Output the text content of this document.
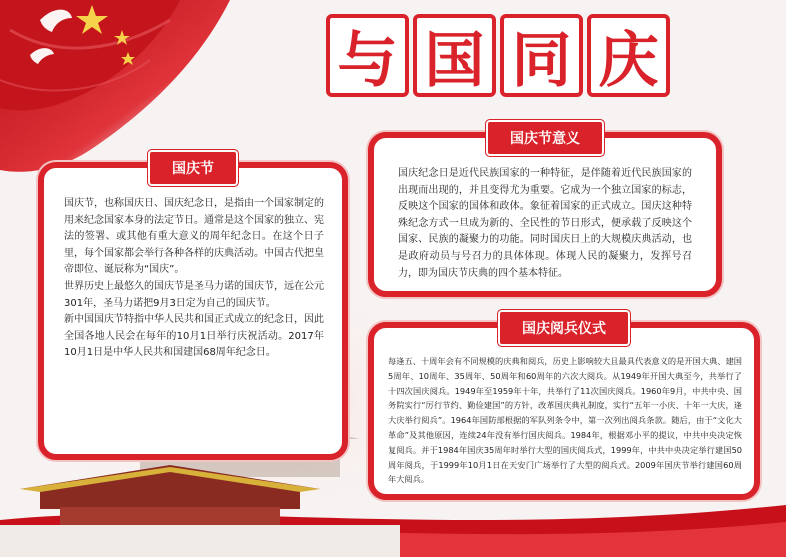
与 国 同 庆
国庆节

国庆节，也称国庆日、国庆纪念日，是指由一个国家制定的用来纪念国家本身的法定节日。通常是这个国家的独立、宪法的签署、或其他有重大意义的周年纪念日。在这个日子里，每个国家都会举行各种各样的庆典活动。中国古代把皇帝即位、诞辰称为“国庆”。

世界历史上最悠久的国庆节是圣马力诺的国庆节，远在公元301年，圣马力诺把9月3日定为自己的国庆节。

新中国国庆节特指中华人民共和国正式成立的纪念日，因此全国各地人民会在每年的10月1日举行庆祝活动。2017年10月1日是中华人民共和国建国68周年纪念日。

国庆节意义

国庆纪念日是近代民族国家的一种特征，是伴随着近代民族国家的出现而出现的，并且变得尤为重要。它成为一个独立国家的标志，反映这个国家的国体和政体。象征着国家的正式成立。国庆这种特殊纪念方式一旦成为新的、全民性的节日形式，便承载了反映这个国家、民族的凝聚力的功能。同时国庆日上的大规模庆典活动，也是政府动员与号召力的具体体现。体现人民的凝聚力，发挥号召力，即为国庆节庆典的四个基本特征。

国庆阅兵仪式

每逢五、十周年会有不同规模的庆典和阅兵，历史上影响较大且最具代表意义的是开国大典、建国5周年、10周年、35周年、50周年和60周年的六次大阅兵。从1949年开国大典至今，共举行了十四次国庆阅兵。1949年至1959年十年，共举行了11次国庆阅兵。1960年9月，中共中央、国务院实行“厉行节约、勤俭建国”的方针，改革国庆典礼制度，实行“五年一小庆、十年一大庆，逢大庆举行阅兵”。1964年国防部根据的军队列条令中，第一次列出阅兵条款。随后，由于“文化大革命”及其他原因，连续24年没有举行国庆阅兵。1984年，根据邓小平的提议，中共中央决定恢复阅兵。并于1984年国庆35周年时举行大型的国庆阅兵式，1999年，中共中央决定举行建国50周年阅兵，于1999年10月1日在天安门广场举行了大型的阅兵式。2009年国庆节举行建国60周年大阅兵。
